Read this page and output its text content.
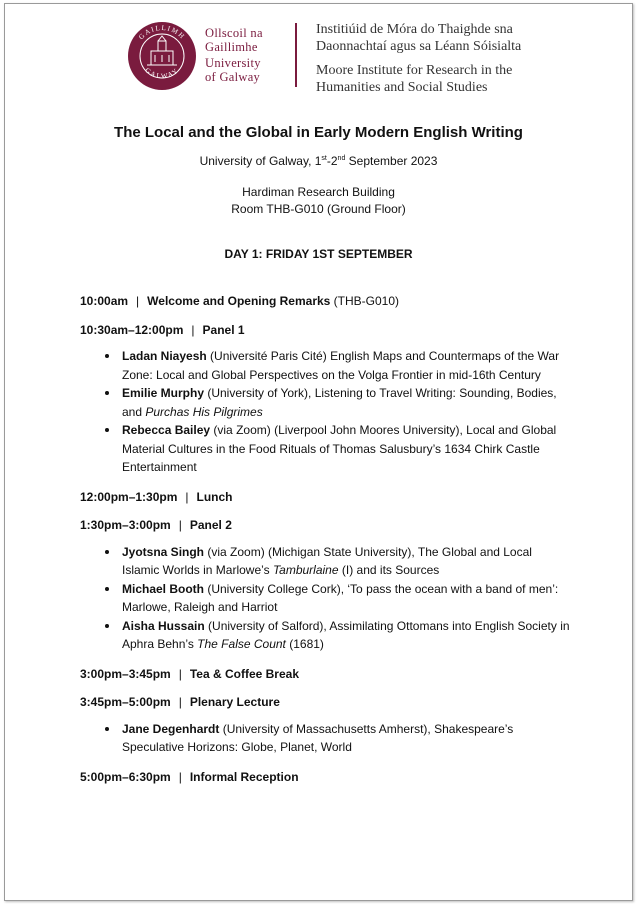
GAILLIMH
GALWAY
Ollscoil na
Gaillimhe
University
of Galway
Institiúid de Móra do Thaighde sna
Daonnachtaí agus sa Léann Sóisialta
Moore Institute for Research in the
Humanities and Social Studies
The Local and the Global in Early Modern English Writing
University of Galway, 1st-2nd September 2023
Hardiman Research Building
Room THB-G010 (Ground Floor)
DAY 1: FRIDAY 1ST SEPTEMBER

10:00am | Welcome and Opening Remarks (THB-G010)

10:30am–12:00pm | Panel 1

Ladan Niayesh (Université Paris Cité) English Maps and Countermaps of the War Zone: Local and Global Perspectives on the Volga Frontier in mid-16th Century
Emilie Murphy (University of York), Listening to Travel Writing: Sounding, Bodies, and Purchas His Pilgrimes
Rebecca Bailey (via Zoom) (Liverpool John Moores University), Local and Global Material Cultures in the Food Rituals of Thomas Salusbury’s 1634 Chirk Castle Entertainment

12:00pm–1:30pm | Lunch

1:30pm–3:00pm | Panel 2

Jyotsna Singh (via Zoom) (Michigan State University), The Global and Local Islamic Worlds in Marlowe’s Tamburlaine (I) and its Sources
Michael Booth (University College Cork), ‘To pass the ocean with a band of men’: Marlowe, Raleigh and Harriot
Aisha Hussain (University of Salford), Assimilating Ottomans into English Society in Aphra Behn’s The False Count (1681)

3:00pm–3:45pm | Tea & Coffee Break

3:45pm–5:00pm | Plenary Lecture

Jane Degenhardt (University of Massachusetts Amherst), Shakespeare’s Speculative Horizons: Globe, Planet, World

5:00pm–6:30pm | Informal Reception
